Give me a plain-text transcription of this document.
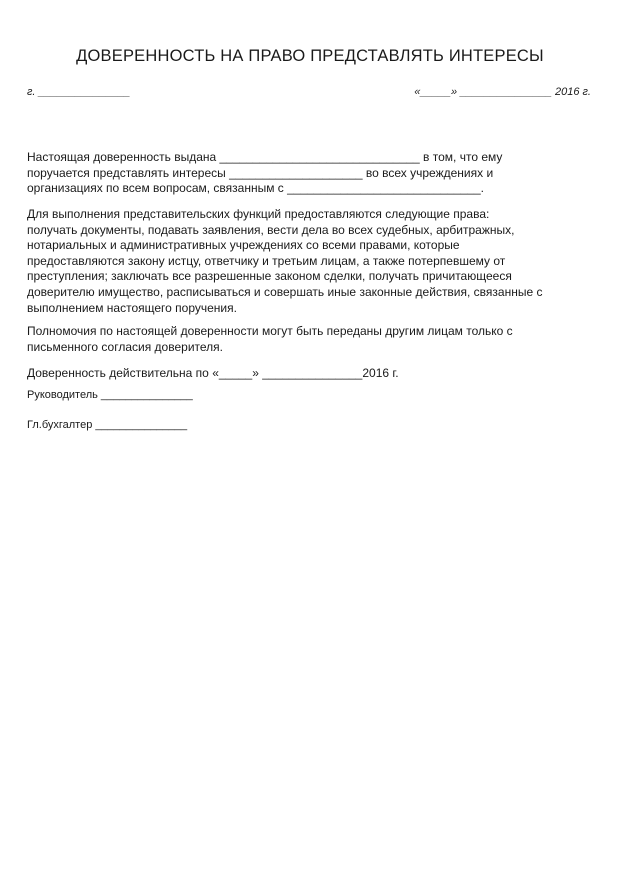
ДОВЕРЕННОСТЬ НА ПРАВО ПРЕДСТАВЛЯТЬ ИНТЕРЕСЫ
г. _______________	«_____» _______________ 2016 г.
Настоящая доверенность выдана ______________________________ в том, что ему
поручается представлять интересы ____________________ во всех учреждениях и
организациях по всем вопросам, связанным с _____________________________.
Для выполнения представительских функций предоставляются следующие права:
получать документы, подавать заявления, вести дела во всех судебных, арбитражных,
нотариальных и административных учреждениях со всеми правами, которые
предоставляются закону истцу, ответчику и третьим лицам, а также потерпевшему от
преступления; заключать все разрешенные законом сделки, получать причитающееся
доверителю имущество, расписываться и совершать иные законные действия, связанные с
выполнением настоящего поручения.
Полномочия по настоящей доверенности могут быть переданы другим лицам только с
письменного согласия доверителя.
Доверенность действительна по «_____» _______________2016 г.
Руководитель _______________
Гл.бухгалтер _______________
